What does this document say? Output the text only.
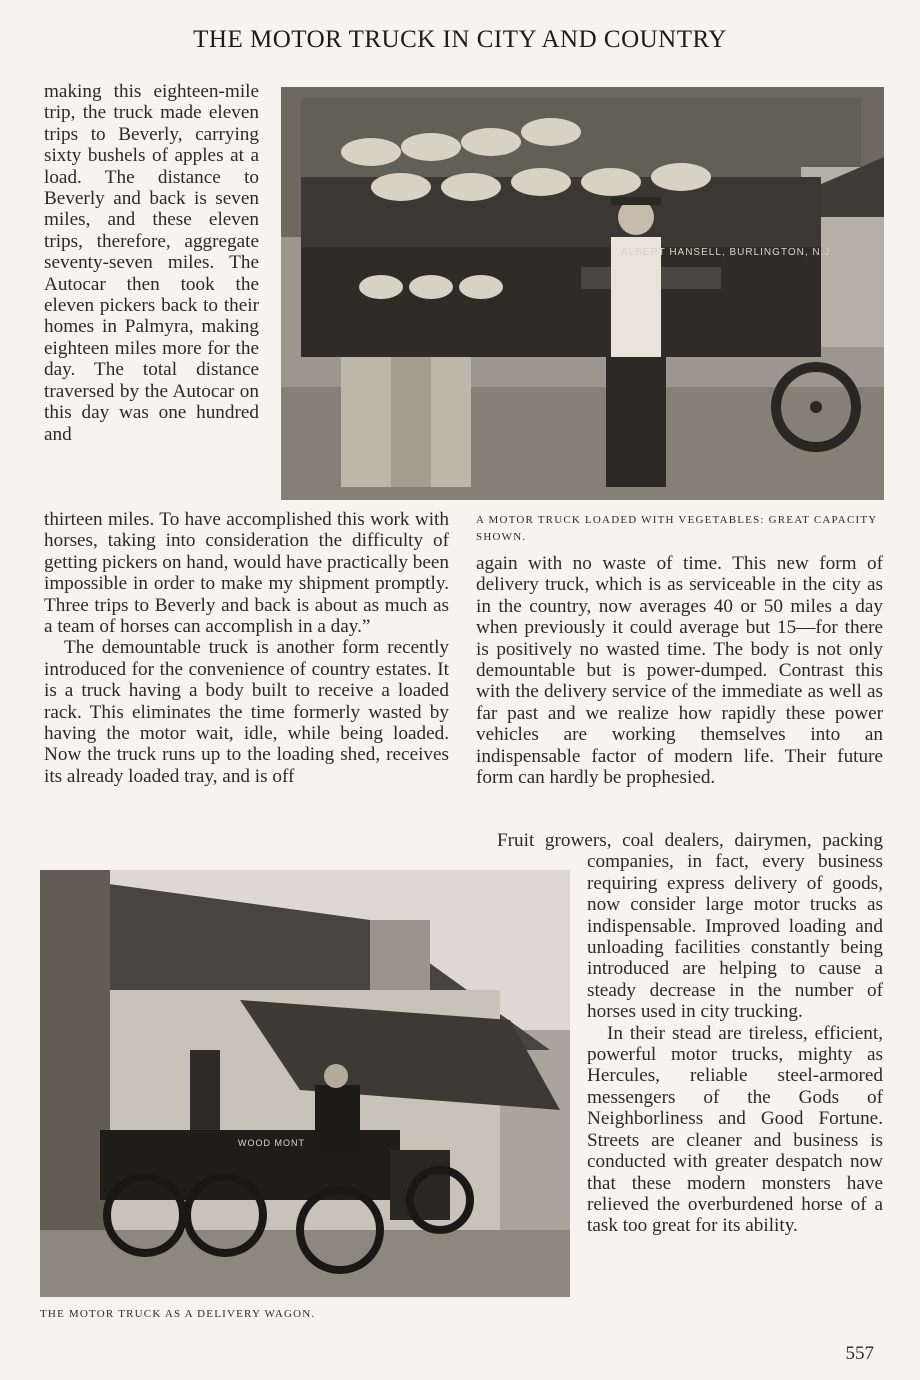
THE MOTOR TRUCK IN CITY AND COUNTRY

making this eighteen-mile trip, the truck made eleven trips to Beverly, carrying sixty bushels of apples at a load. The distance to Beverly and back is seven miles, and these eleven trips, therefore, aggregate seventy-seven miles. The Autocar then took the eleven pickers back to their homes in Palmyra, making eighteen miles more for the day. The total distance traversed by the Autocar on this day was one hundred and

ALBERT HANSELL, BURLINGTON, N.J.

thirteen miles. To have accomplished this work with horses, taking into consideration the difficulty of getting pickers on hand, would have practically been impossible in order to make my shipment promptly. Three trips to Beverly and back is about as much as a team of horses can accomplish in a day.”

The demountable truck is another form recently introduced for the convenience of country estates. It is a truck having a body built to receive a loaded rack. This eliminates the time formerly wasted by having the motor wait, idle, while being loaded. Now the truck runs up to the loading shed, receives its already loaded tray, and is off

A MOTOR TRUCK LOADED WITH VEGETABLES: GREAT CAPACITY SHOWN.

again with no waste of time. This new form of delivery truck, which is as serviceable in the city as in the country, now averages 40 or 50 miles a day when previously it could average but 15—for there is positively no wasted time. The body is not only demountable but is power-dumped. Contrast this with the delivery service of the immediate as well as far past and we realize how rapidly these power vehicles are working themselves into an indispensable factor of modern life. Their future form can hardly be prophesied.

WOOD MONT
THE MOTOR TRUCK AS A DELIVERY WAGON.

Fruit growers, coal dealers, dairymen, packing companies, in fact, every business requiring express delivery of goods, now consider large motor trucks as indispensable. Improved loading and unloading facilities constantly being introduced are helping to cause a steady decrease in the number of horses used in city trucking.

In their stead are tireless, efficient, powerful motor trucks, mighty as Hercules, reliable steel-armored messengers of the Gods of Neighborliness and Good Fortune. Streets are cleaner and business is conducted with greater despatch now that these modern monsters have relieved the overburdened horse of a task too great for its ability.

557
